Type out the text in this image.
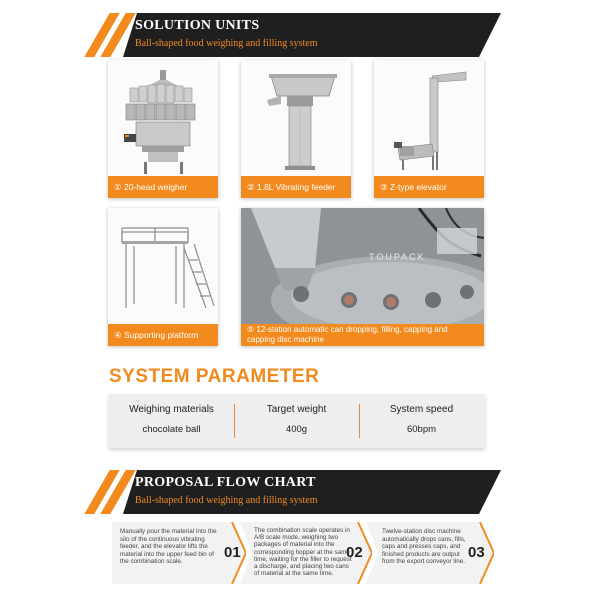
SOLUTION UNITS
Ball-shaped food weighing and filling system
① 20-head weigher	② 1.8L Vibrating feeder	③ Z-type elevator
④ Supporting platform
TOUPACK
⑤ 12-station automatic can dropping, filling, capping and
capping disc machine
SYSTEM PARAMETER
Weighing materials
chocolate ball
Target weight
400g
System speed
60bpm
PROPOSAL FLOW CHART
Ball-shaped food weighing and filling system
Manually pour the material into the
silo of the continuous vibrating
feeder, and the elevator lifts the
material into the upper feed bin of
the combination scale.
01
The combination scale operates in
A/B scale mode, weighing two
packages of material into the
corresponding hopper at the same
time, waiting for the filler to request
a discharge, and placing two cans
of material at the same time.
02
Twelve-station disc machine
automatically drops cans, fills,
caps and presses caps, and
finished products are output
from the export conveyor line.
03
